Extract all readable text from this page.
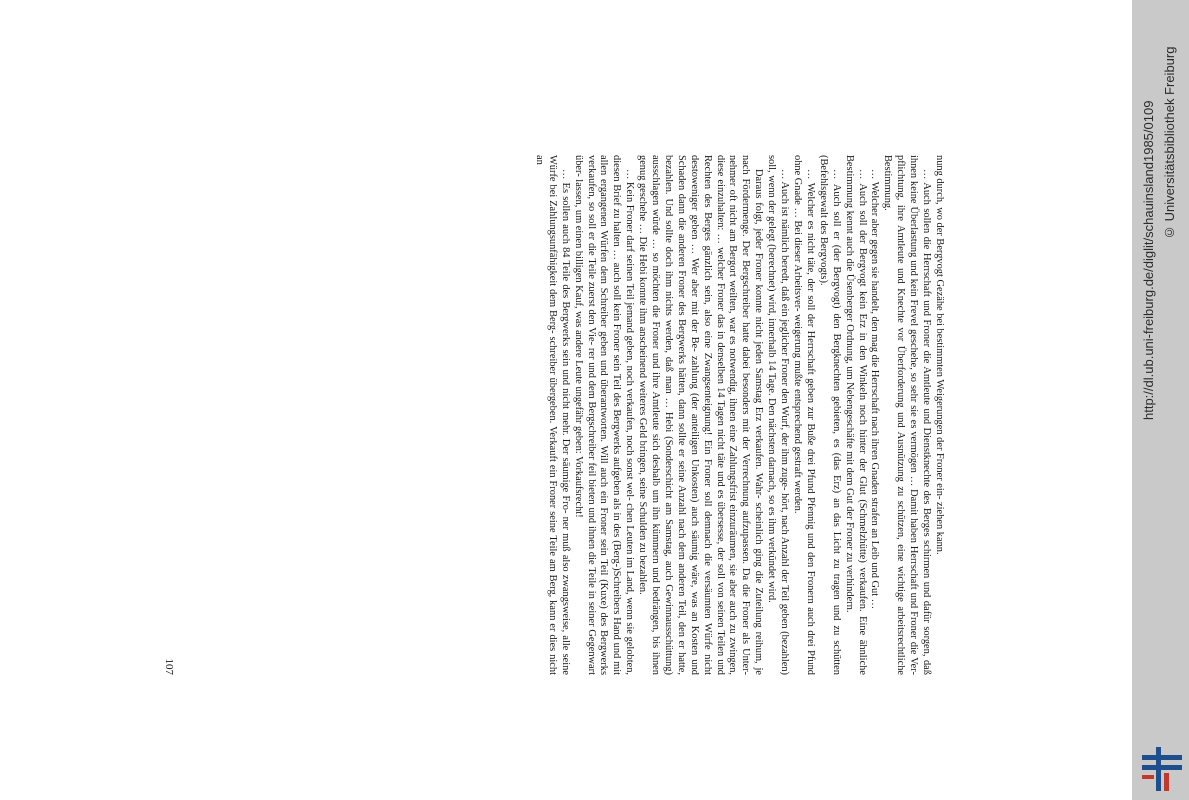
nung durch, wo der Bergvogt Gezähe bei bestimmten Weigerungen der Froner ein- ziehen kann.

… Auch sollen die Herrschaft und Froner die Amtleute und Dienstknechte des Berges schirmen und dafür sorgen, daß ihnen keine Überlastung und kein Frevel geschehe, so sehr sie es vermögen … Damit haben Herrschaft und Froner die Ver- pflichtung, ihre Amtleute und Knechte vor Überforderung und Ausnützung zu schützen, eine wichtige arbeitsrechtliche Bestimmung.

… Welcher aber gegen sie handelt, den mag die Herrschaft nach ihren Gnaden strafen an Leib und Gut …

… Auch soll der Bergvogt kein Erz in den Winkeln noch hinter der Glut (Schmelzhütte) verkaufen. Eine ähnliche Bestimmung kennt auch die Üsenberger Ordnung, um Nebengeschäfte mit dem Gut der Froner zu verhindern.

… Auch soll er (der Bergvogt) den Bergknechten gebieten, es (das Erz) an das Licht zu tragen und zu schütten (Befehlsgewalt des Bergvogts).

… Welcher es nicht täte, der soll der Herrschaft geben zur Buße drei Pfund Pfennig und den Fronern auch drei Pfund ohne Gnade … Bei dieser Arbeitsver- weigerung mußte entsprechend gestraft werden.

… Auch ist nämlich beredt, daß ein jeglicher Froner den Wurf, der ihm zuge- hört, nach Anzahl der Teil geben (bezahlen) soll, wenn der gelegt (berechnet) wird, innerhalb 14 Tage. Den nächsten darnach, so es ihm verkündet wird.

Daraus folgt, jeder Froner konnte nicht jeden Samstag Erz verkaufen. Wahr- scheinlich ging die Zuteilung reihum, je nach Fördermenge. Der Bergschreiber hatte dabei besonders mit der Verrechnung aufzupassen. Da die Froner als Unter- nehmer oft nicht am Bergort weilten, war es notwendig, ihnen eine Zahlungsfrist einzuräumen, sie aber auch zu zwingen, diese einzuhalten: … welcher Froner das in denselben 14 Tagen nicht täte und es übersesse, der soll von seinen Teilen und Rechten des Berges gänzlich sein, also eine Zwangsenteignung! Ein Froner soll demnach die versäumten Würfe nicht destoweniger geben … Wer aber mit der Be- zahlung (der anteiligen Unkosten) auch säumig wäre, was an Kosten und Schaden dann die anderen Froner des Bergwerks hätten, dann sollte er seine Anzahl nach dem anderen Teil, den er hatte, bezahlen. Und sollte doch ihm nichts werden, daß man … Hebi (Sonderschicht am Samstag, auch Gewinnausschüttung) ausschlagen würde … so möchten die Froner und ihre Amtleute sich deshalb um ihn kümmern und bedrängen, bis ihnen genug geschehe … Die Hebi konnte ihm anscheinend weiteres Geld bringen, seine Schulden zu bezahlen.

… Kein Froner darf seinen Teil jemand geben, noch verkaufen, noch sonst wel- chen Leuten im Land, wenn sie gelobten, diesen Brief zu halten … auch soll kein Froner sein Teil des Bergwerks aufgeben als in des (Berg-)Schreibers Hand und mit allen ergangenen Würfen dem Schreiber geben und überantworten. Will auch ein Froner sein Teil (Kuxe) des Bergwerks verkaufen, so soll er die Teile zuerst den Vie- rer und dem Bergschreiber feil bieten und ihnen die Teile in seiner Gegenwart über- lassen, um einen billigen Kauf, was andere Leute ungefähr geben: Vorkaufsrecht!

… Es sollen auch 84 Teile des Bergwerks sein und nicht mehr. Der säumige Fro- ner muß also zwangsweise, alle seine Würfe bei Zahlungsunfähigkeit dem Berg- schreiber übergeben. Verkauft ein Froner seine Teile am Berg, kann er dies nicht an

107
http://dl.ub.uni-freiburg.de/diglit/schauinsland1985/0109 © Universitätsbibliothek Freiburg
